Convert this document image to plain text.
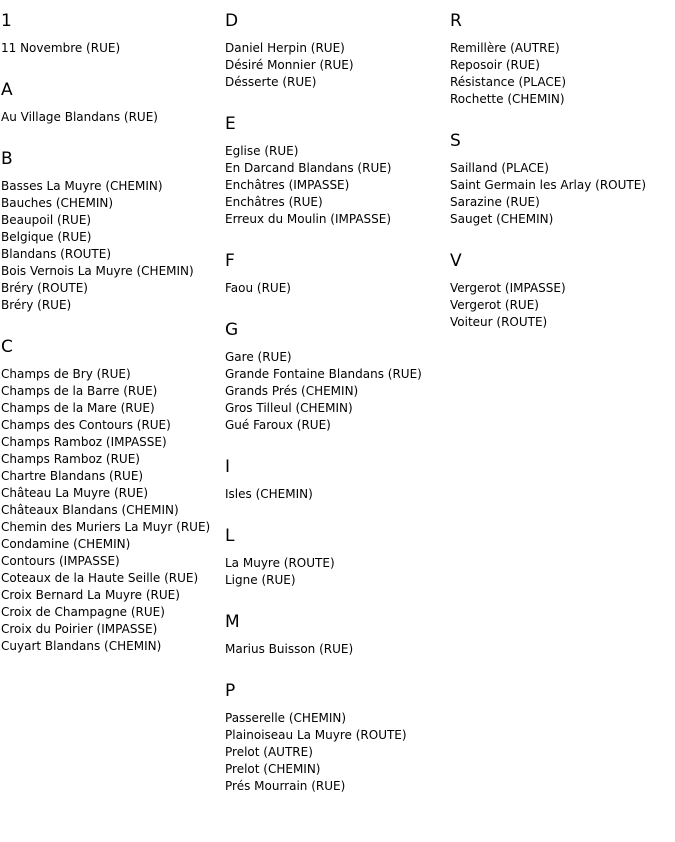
1
11 Novembre (RUE)
A
Au Village Blandans (RUE)
B
Basses La Muyre (CHEMIN)
Bauches (CHEMIN)
Beaupoil (RUE)
Belgique (RUE)
Blandans (ROUTE)
Bois Vernois La Muyre (CHEMIN)
Bréry (ROUTE)
Bréry (RUE)
C
Champs de Bry (RUE)
Champs de la Barre (RUE)
Champs de la Mare (RUE)
Champs des Contours (RUE)
Champs Ramboz (IMPASSE)
Champs Ramboz (RUE)
Chartre Blandans (RUE)
Château La Muyre (RUE)
Châteaux Blandans (CHEMIN)
Chemin des Muriers La Muyr (RUE)
Condamine (CHEMIN)
Contours (IMPASSE)
Coteaux de la Haute Seille (RUE)
Croix Bernard La Muyre (RUE)
Croix de Champagne (RUE)
Croix du Poirier (IMPASSE)
Cuyart Blandans (CHEMIN)
D
Daniel Herpin (RUE)
Désiré Monnier (RUE)
Désserte (RUE)
E
Eglise (RUE)
En Darcand Blandans (RUE)
Enchâtres (IMPASSE)
Enchâtres (RUE)
Erreux du Moulin (IMPASSE)
F
Faou (RUE)
G
Gare (RUE)
Grande Fontaine Blandans (RUE)
Grands Prés (CHEMIN)
Gros Tilleul (CHEMIN)
Gué Faroux (RUE)
I
Isles (CHEMIN)
L
La Muyre (ROUTE)
Ligne (RUE)
M
Marius Buisson (RUE)
P
Passerelle (CHEMIN)
Plainoiseau La Muyre (ROUTE)
Prelot (AUTRE)
Prelot (CHEMIN)
Prés Mourrain (RUE)
R
Remillère (AUTRE)
Reposoir (RUE)
Résistance (PLACE)
Rochette (CHEMIN)
S
Sailland (PLACE)
Saint Germain les Arlay (ROUTE)
Sarazine (RUE)
Sauget (CHEMIN)
V
Vergerot (IMPASSE)
Vergerot (RUE)
Voiteur (ROUTE)
